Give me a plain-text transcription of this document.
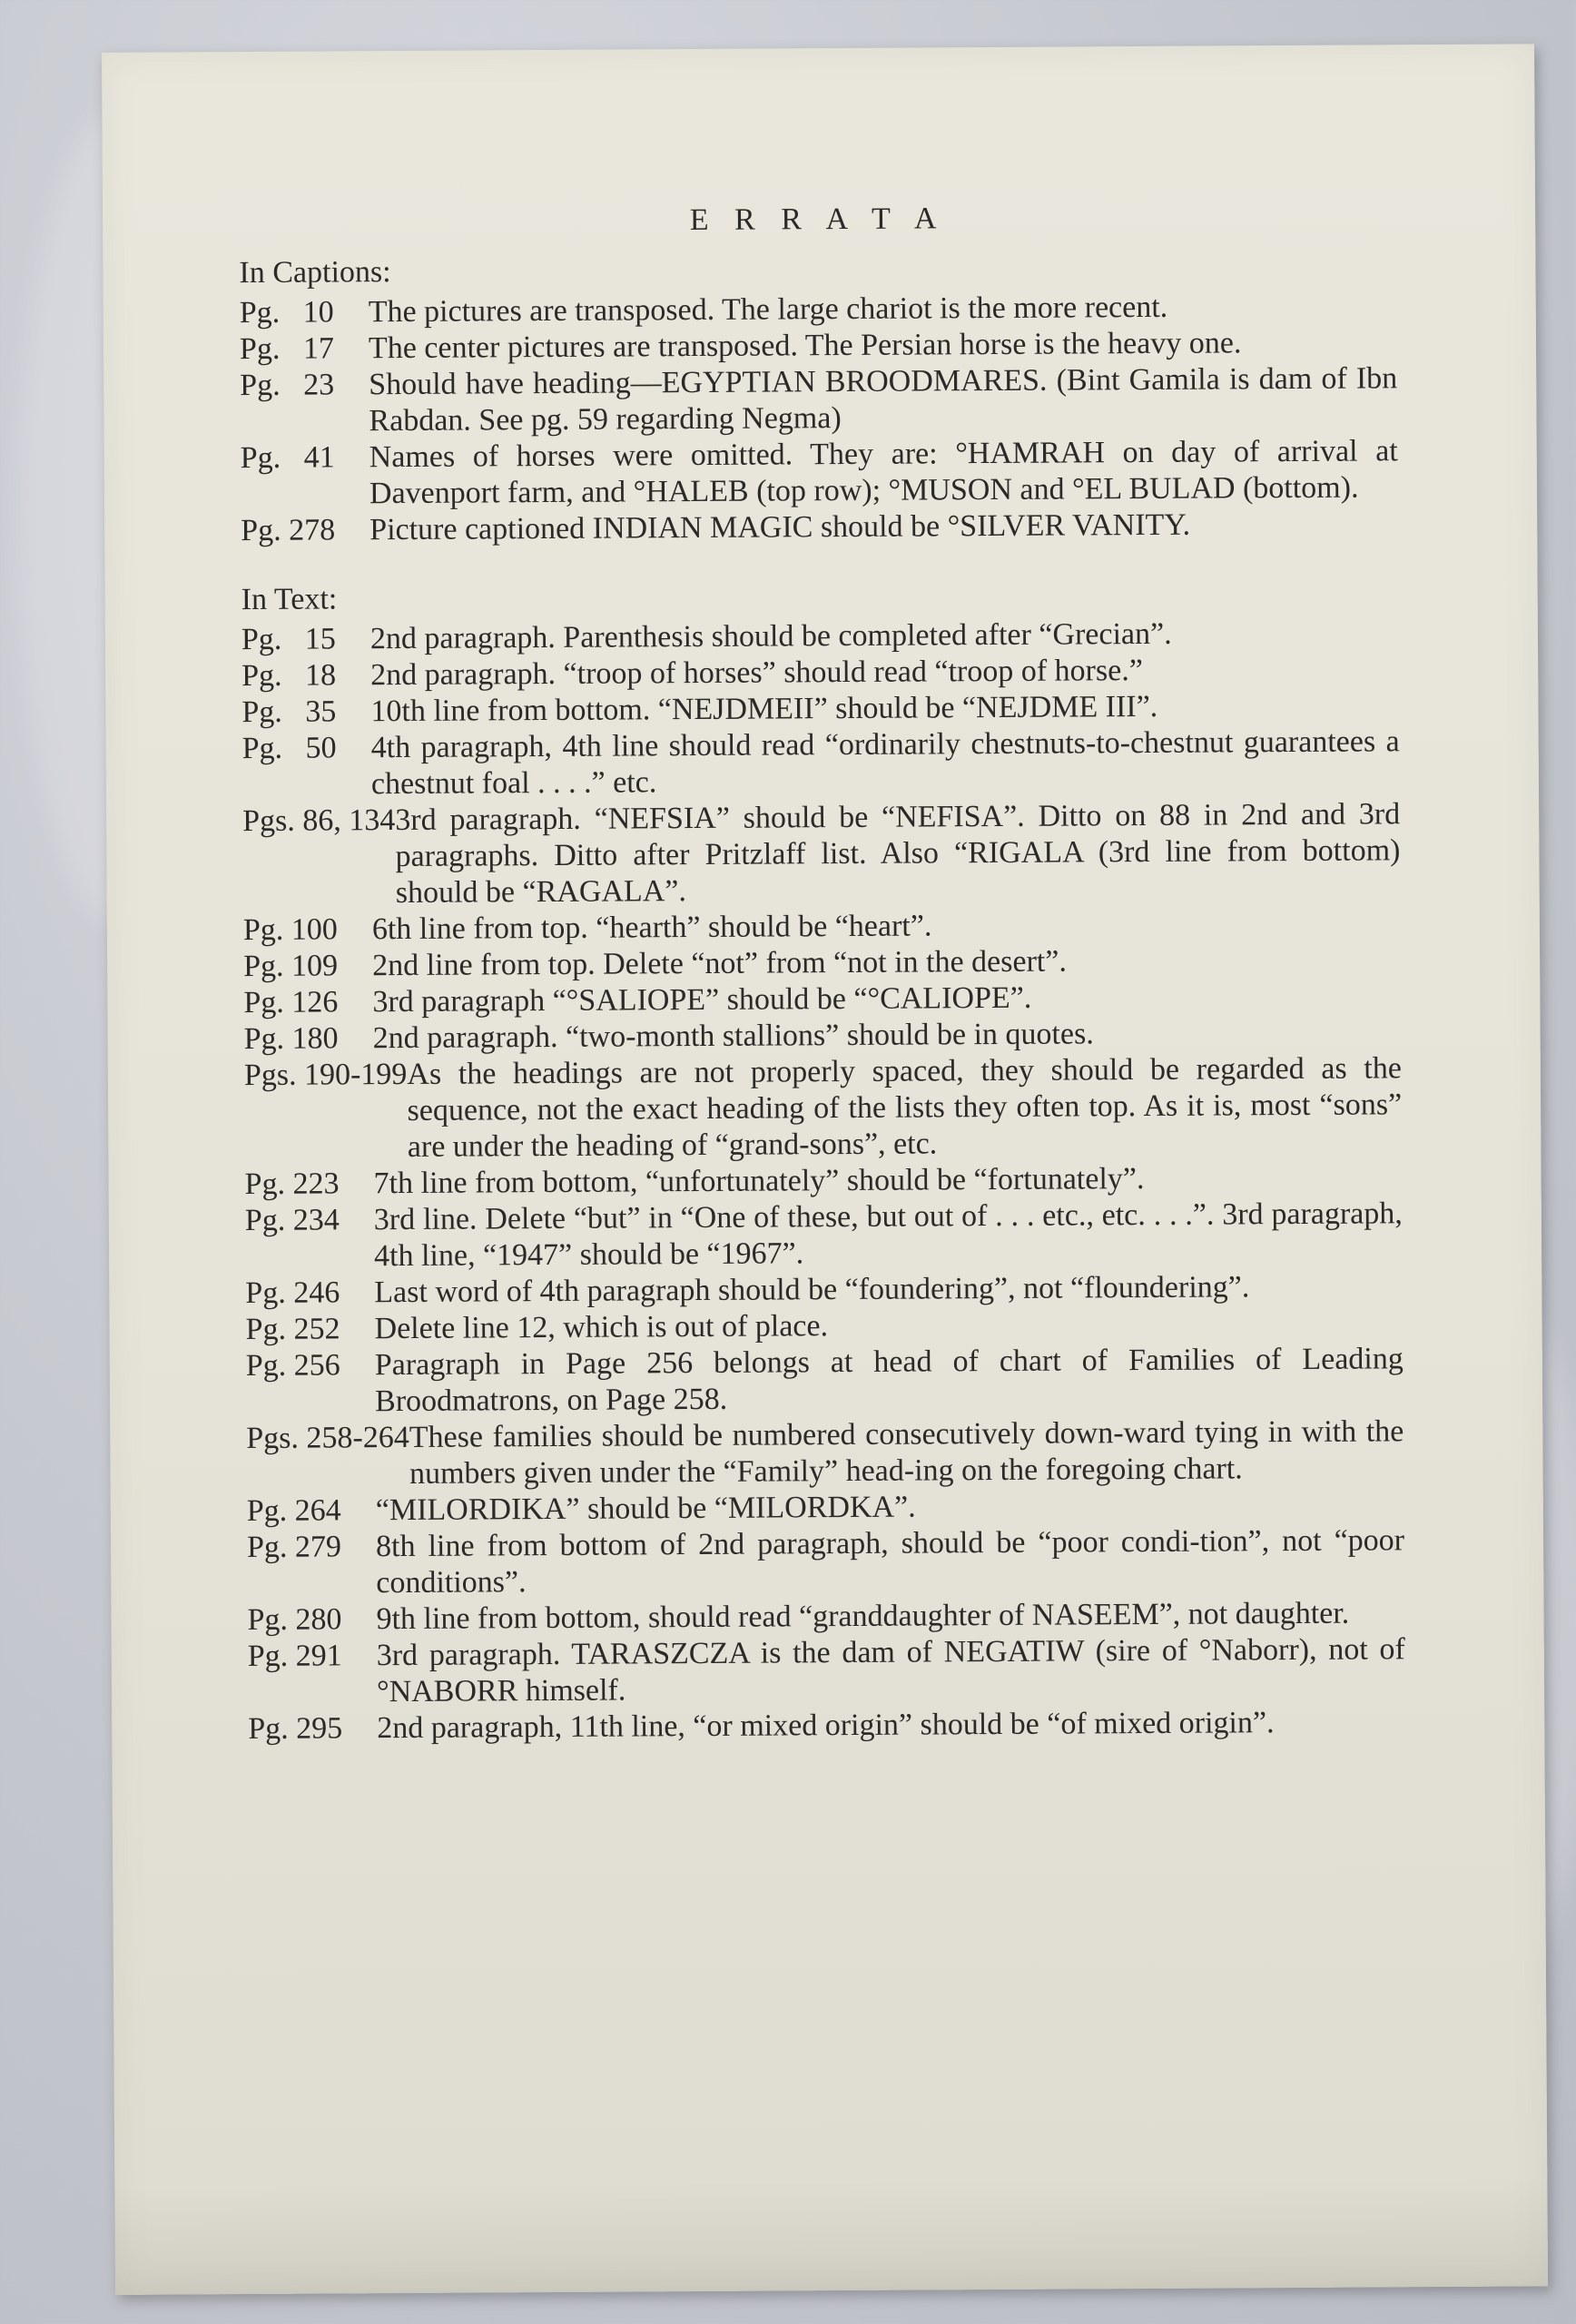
E R R A T A
In Captions:
Pg.   10	The pictures are transposed. The large chariot is the more recent.
Pg.   17	The center pictures are transposed. The Persian horse is the heavy one.
Pg.   23	Should have heading—EGYPTIAN BROODMARES. (Bint Gamila is dam of Ibn Rabdan. See pg. 59 regarding Negma)
Pg.   41	Names of horses were omitted. They are: °HAMRAH on day of arrival at Davenport farm, and °HALEB (top row); °MUSON and °EL BULAD (bottom).
Pg. 278	Picture captioned INDIAN MAGIC should be °SILVER VANITY.
In Text:
Pg.   15	2nd paragraph. Parenthesis should be completed after “Grecian”.
Pg.   18	2nd paragraph. “troop of horses” should read “troop of horse.”
Pg.   35	10th line from bottom. “NEJDMEII” should be “NEJDME III”.
Pg.   50	4th paragraph, 4th line should read “ordinarily chestnuts-to-chestnut guarantees a chestnut foal . . . .” etc.
Pgs. 86, 134 3rd paragraph. “NEFSIA” should be “NEFISA”. Ditto on 88 in 2nd and 3rd paragraphs. Ditto after Pritzlaff list. Also “RIGALA (3rd line from bottom) should be “RAGALA”.
Pg. 100	6th line from top. “hearth” should be “heart”.
Pg. 109	2nd line from top. Delete “not” from “not in the desert”.
Pg. 126	3rd paragraph “°SALIOPE” should be “°CALIOPE”.
Pg. 180	2nd paragraph. “two-month stallions” should be in quotes.
Pgs. 190-199 As the headings are not properly spaced, they should be regarded as the sequence, not the exact heading of the lists they often top. As it is, most “sons” are under the heading of “grand-sons”, etc.
Pg. 223	7th line from bottom, “unfortunately” should be “fortunately”.
Pg. 234	3rd line. Delete “but” in “One of these, but out of . . . etc., etc. . . .”. 3rd paragraph, 4th line, “1947” should be “1967”.
Pg. 246	Last word of 4th paragraph should be “foundering”, not “floundering”.
Pg. 252	Delete line 12, which is out of place.
Pg. 256	Paragraph in Page 256 belongs at head of chart of Families of Leading Broodmatrons, on Page 258.
Pgs. 258-264 These families should be numbered consecutively down-ward tying in with the numbers given under the “Family” head-ing on the foregoing chart.
Pg. 264	“MILORDIKA” should be “MILORDKA”.
Pg. 279	8th line from bottom of 2nd paragraph, should be “poor condi-tion”, not “poor conditions”.
Pg. 280	9th line from bottom, should read “granddaughter of NASEEM”, not daughter.
Pg. 291	3rd paragraph. TARASZCZA is the dam of NEGATIW (sire of °Naborr), not of °NABORR himself.
Pg. 295	2nd paragraph, 11th line, “or mixed origin” should be “of mixed origin”.
